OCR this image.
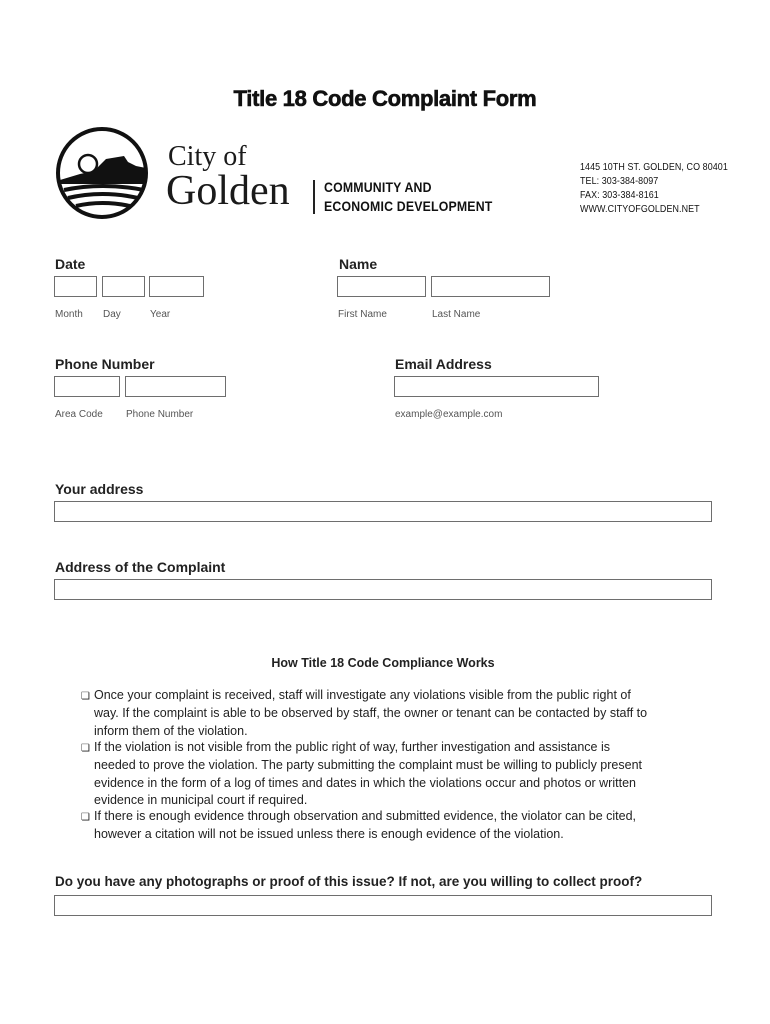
Title 18 Code Complaint Form
City of
Golden COMMUNITY AND
ECONOMIC DEVELOPMENT
1445 10TH ST. GOLDEN, CO 80401
TEL: 303-384-8097
FAX: 303-384-8161
WWW.CITYOFGOLDEN.NET
Date
Month Day	Year
Name
First Name	Last Name
Phone Number
Area Code Phone Number
Email Address
example@example.com
Your address
Address of the Complaint
How Title 18 Code Compliance Works
❏ Once your complaint is received, staff will investigate any violations visible from the public right of
way. If the complaint is able to be observed by staff, the owner or tenant can be contacted by staff to
inform them of the violation.
❏ If the violation is not visible from the public right of way, further investigation and assistance is
needed to prove the violation. The party submitting the complaint must be willing to publicly present
evidence in the form of a log of times and dates in which the violations occur and photos or written
evidence in municipal court if required.
❏ If there is enough evidence through observation and submitted evidence, the violator can be cited,
however a citation will not be issued unless there is enough evidence of the violation.
Do you have any photographs or proof of this issue? If not, are you willing to collect proof?
